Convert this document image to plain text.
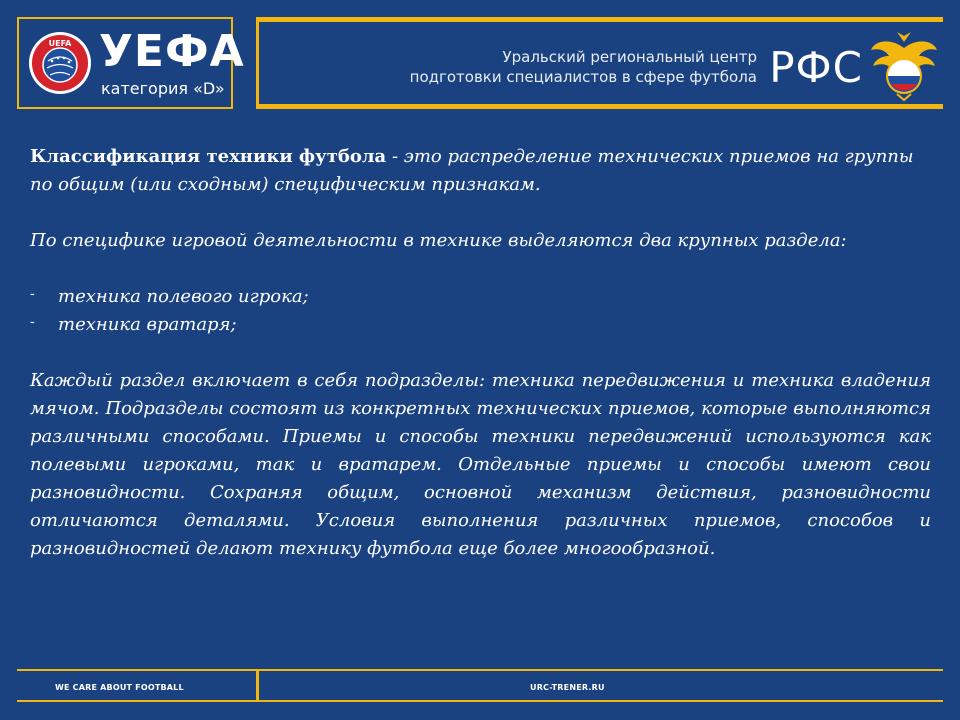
UEFA УЕФА
категория «D»
Уральский региональный центр
подготовки специалистов в сфере футбола РФС

Классификация техники футбола - это распределение технических приемов на группы по общим (или сходным) специфическим признакам.

По специфике игровой деятельности в технике выделяются два крупных раздела:

- техника полевого игрока;
- техника вратаря;

Каждый раздел включает в себя подразделы: техника передвижения и техника владения мячом. Подразделы состоят из конкретных технических приемов, которые выполняются различными способами. Приемы и способы техники передвижений используются как полевыми игроками, так и вратарем. Отдельные приемы и способы имеют свои разновидности. Сохраняя общим, основной механизм действия, разновидности отличаются деталями. Условия выполнения различных приемов, способов и разновидностей делают технику футбола еще более многообразной.

WE CARE ABOUT FOOTBALL	URC-TRENER.RU
